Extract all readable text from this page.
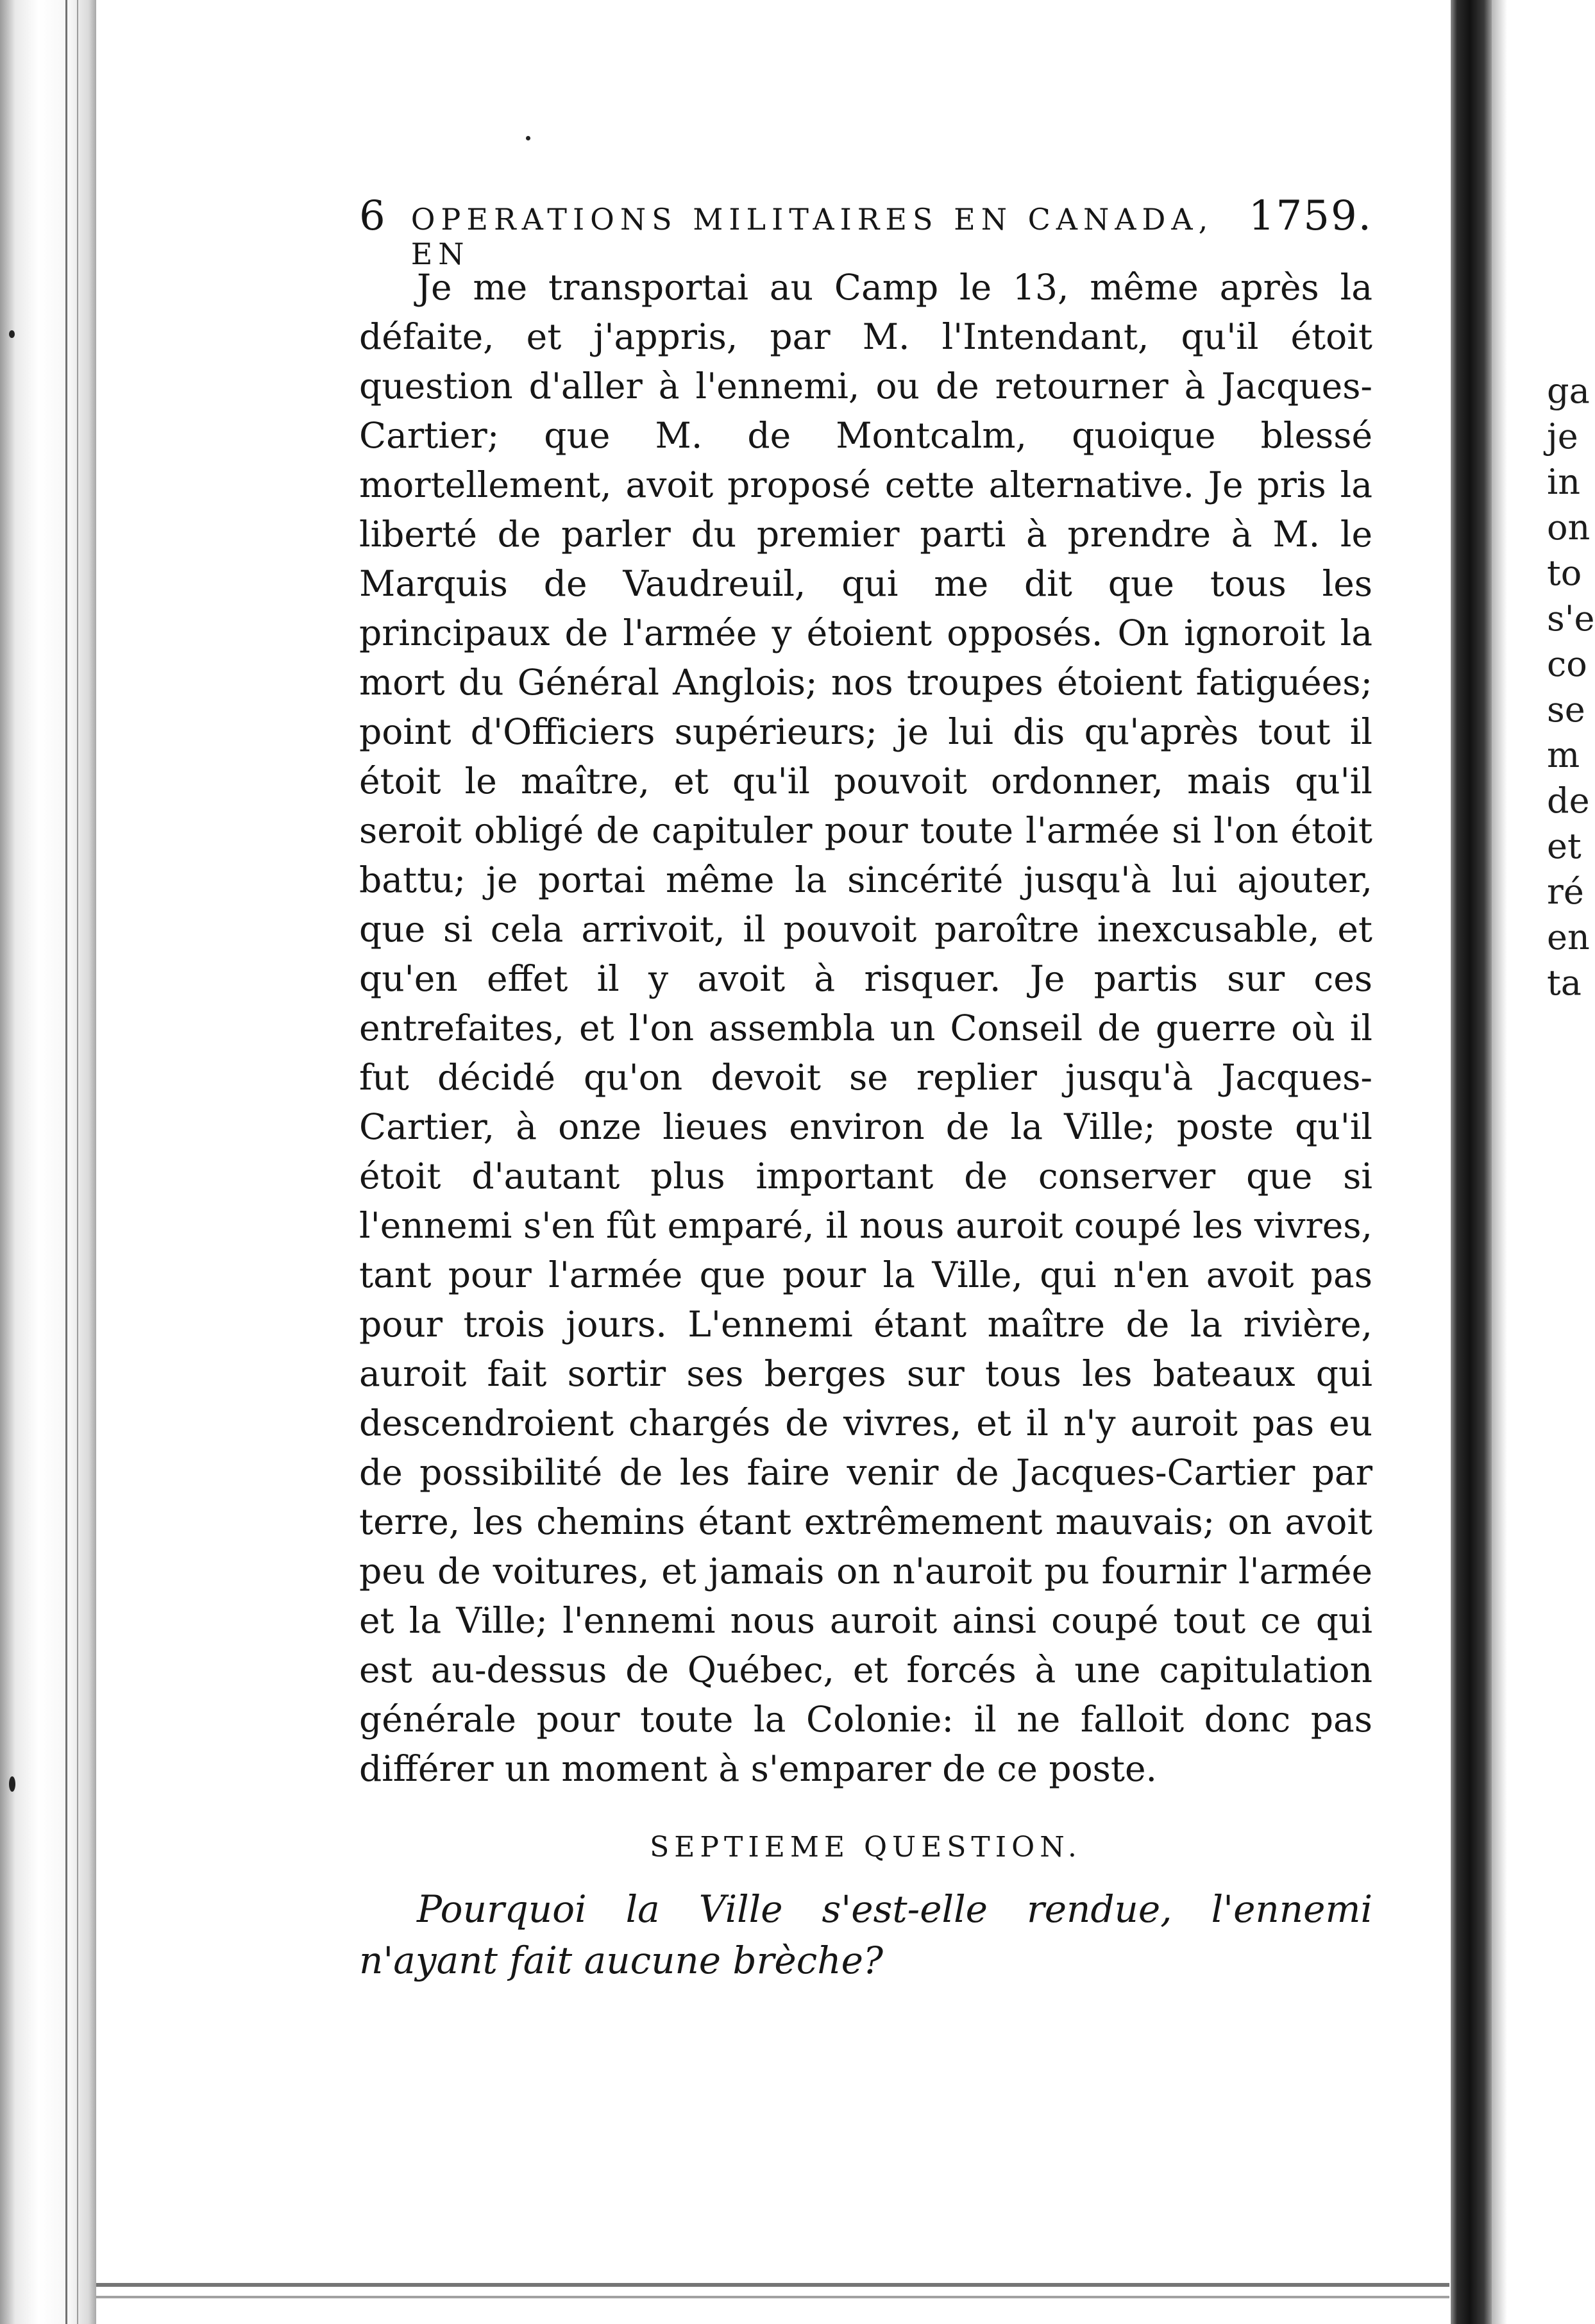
6 OPERATIONS MILITAIRES EN CANADA, EN
1759.

Je me transportai au Camp le 13, même après la défaite, et j'appris, par M. l'Intendant, qu'il étoit question d'aller à l'ennemi, ou de retourner à Jacques-Cartier; que M. de Montcalm, quoique blessé mortellement, avoit proposé cette alternative. Je pris la liberté de parler du premier parti à prendre à M. le Marquis de Vaudreuil, qui me dit que tous les principaux de l'armée y étoient opposés. On ignoroit la mort du Général Anglois; nos troupes étoient fatiguées; point d'Officiers supérieurs; je lui dis qu'après tout il étoit le maître, et qu'il pouvoit ordonner, mais qu'il seroit obligé de capituler pour toute l'armée si l'on étoit battu; je portai même la sincérité jusqu'à lui ajouter, que si cela arrivoit, il pouvoit paroître inexcusable, et qu'en effet il y avoit à risquer. Je partis sur ces entrefaites, et l'on assembla un Conseil de guerre où il fut décidé qu'on devoit se replier jusqu'à Jacques-Cartier, à onze lieues environ de la Ville; poste qu'il étoit d'autant plus important de conserver que si l'ennemi s'en fût emparé, il nous auroit coupé les vivres, tant pour l'armée que pour la Ville, qui n'en avoit pas pour trois jours. L'ennemi étant maître de la rivière, auroit fait sortir ses berges sur tous les bateaux qui descendroient chargés de vivres, et il n'y auroit pas eu de possibilité de les faire venir de Jacques-Cartier par terre, les chemins étant extrêmement mauvais; on avoit peu de voitures, et jamais on n'auroit pu fournir l'armée et la Ville; l'ennemi nous auroit ainsi coupé tout ce qui est au-dessus de Québec, et forcés à une capitulation générale pour toute la Colonie: il ne falloit donc pas différer un moment à s'emparer de ce poste.

SEPTIEME QUESTION.
Pourquoi la Ville s'est-elle rendue, l'ennemi n'ayant fait aucune brèche?
ga
je
in
on
to
s'e
co
se
m
de
et
ré
en
ta
